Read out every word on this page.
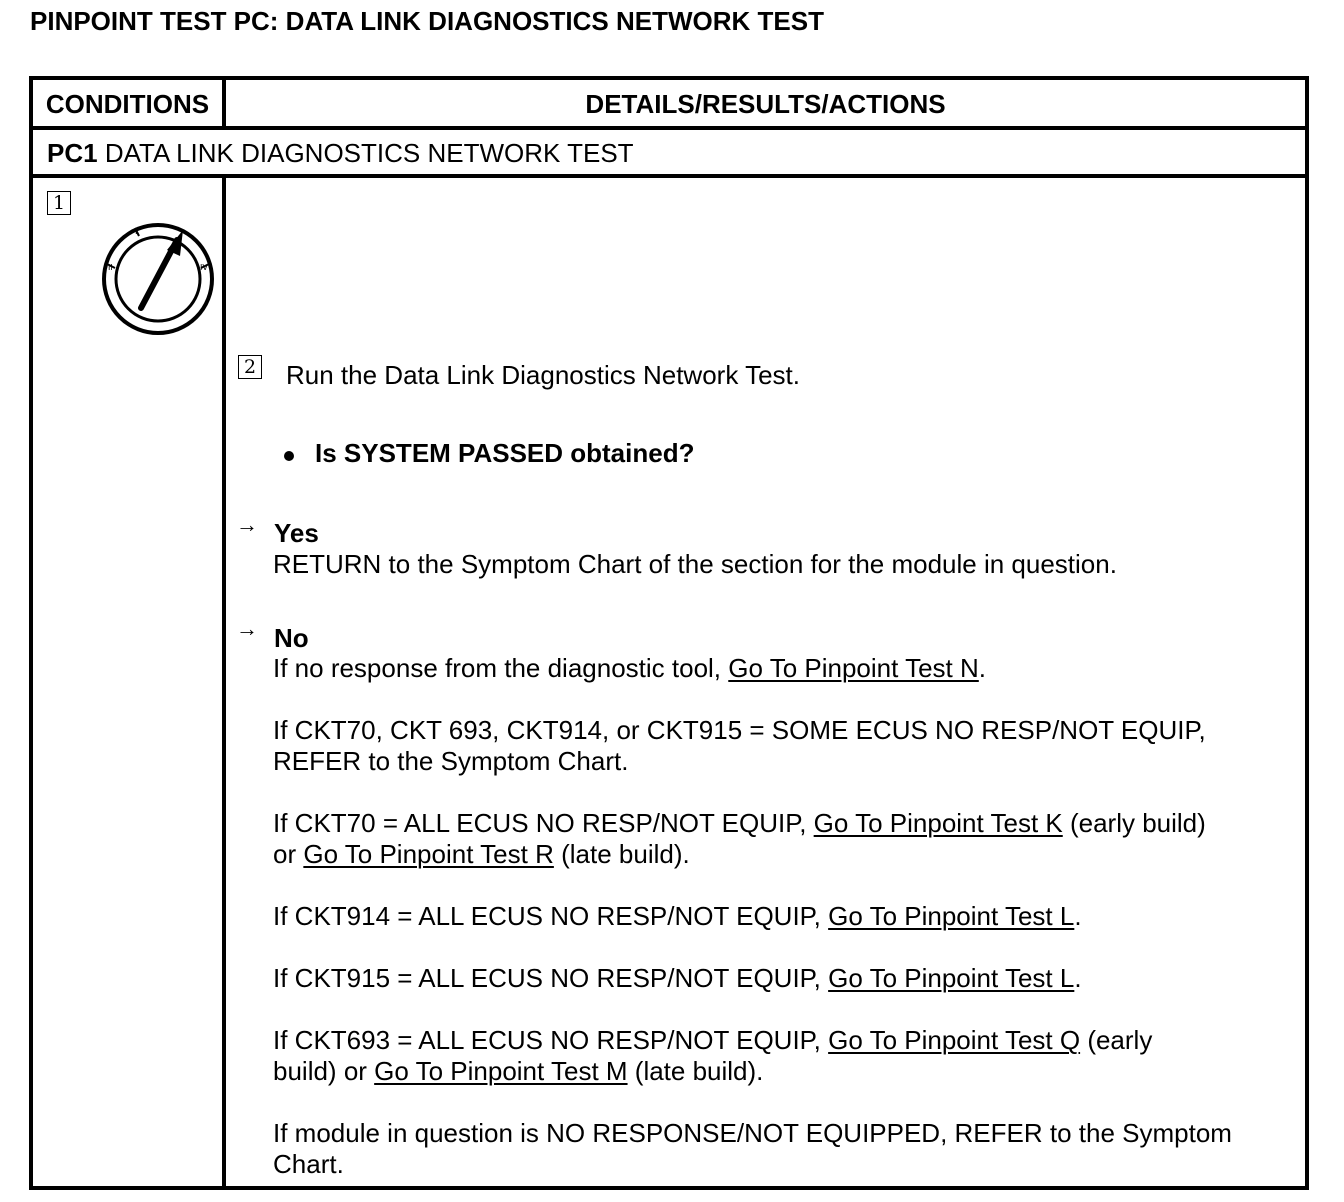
PINPOINT TEST PC: DATA LINK DIAGNOSTICS NETWORK TEST
CONDITIONS	DETAILS/RESULTS/ACTIONS
PC1 DATA LINK DIAGNOSTICS NETWORK TEST
1
II
I
IV
2 Run the Data Link Diagnostics Network Test.
Is SYSTEM PASSED obtained?
→ Yes
RETURN to the Symptom Chart of the section for the module in question.
→ No
If no response from the diagnostic tool, Go To Pinpoint Test N.
If CKT70, CKT 693, CKT914, or CKT915 = SOME ECUS NO RESP/NOT EQUIP,
REFER to the Symptom Chart.
If CKT70 = ALL ECUS NO RESP/NOT EQUIP, Go To Pinpoint Test K (early build)
or Go To Pinpoint Test R (late build).
If CKT914 = ALL ECUS NO RESP/NOT EQUIP, Go To Pinpoint Test L.
If CKT915 = ALL ECUS NO RESP/NOT EQUIP, Go To Pinpoint Test L.
If CKT693 = ALL ECUS NO RESP/NOT EQUIP, Go To Pinpoint Test Q (early
build) or Go To Pinpoint Test M (late build).
If module in question is NO RESPONSE/NOT EQUIPPED, REFER to the Symptom
Chart.
